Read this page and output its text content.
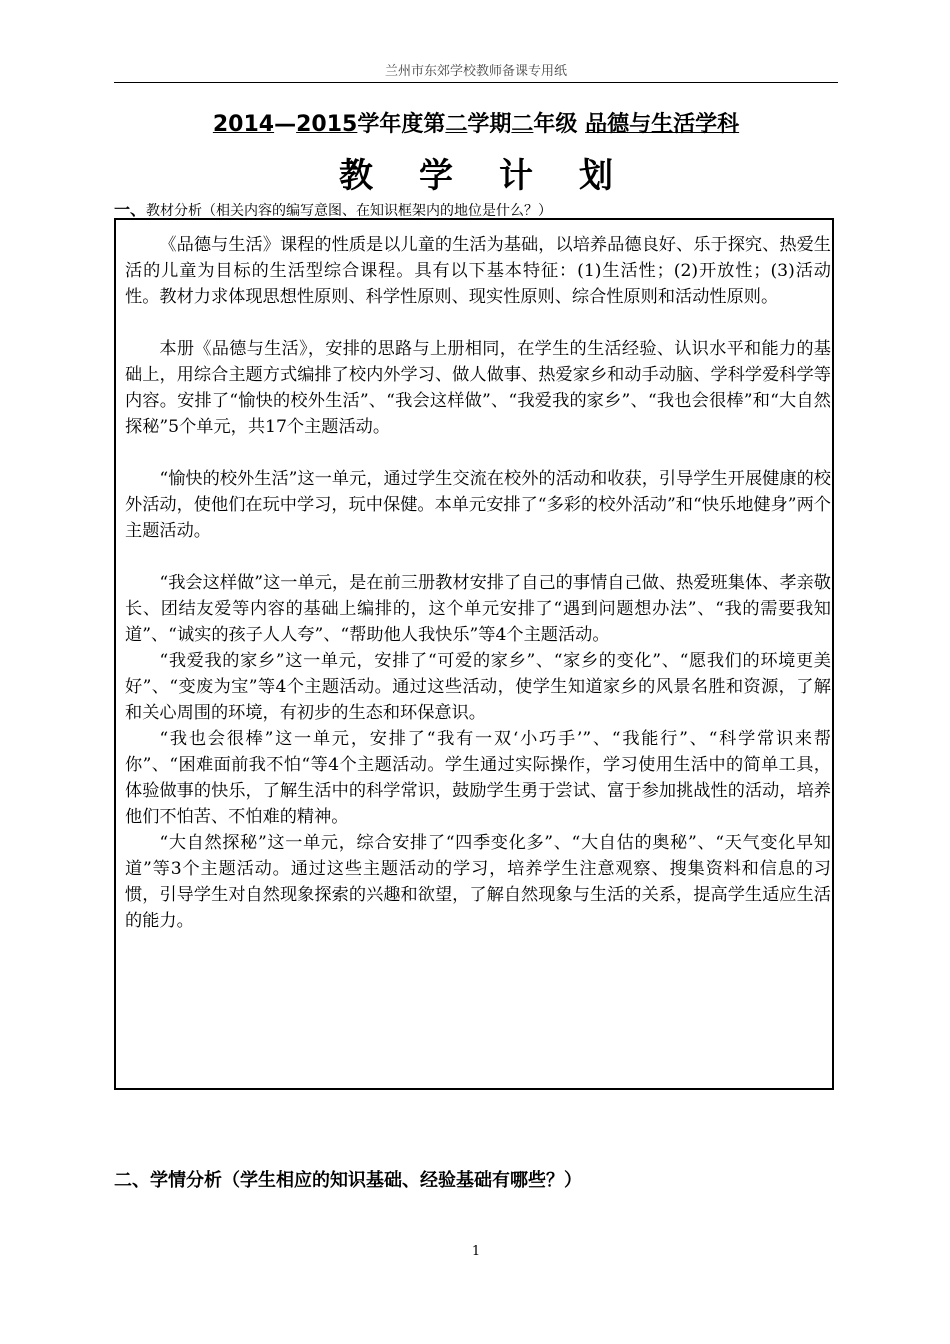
兰州市东郊学校教师备课专用纸
2014—2015学年度第二学期二年级 品德与生活学科
教学计划
一、教材分析（相关内容的编写意图、在知识框架内的地位是什么？）

《品德与生活》课程的性质是以儿童的生活为基础，以培养品德良好、乐于探究、热爱生活的儿童为目标的生活型综合课程。具有以下基本特征：(1)生活性；(2)开放性；(3)活动性。教材力求体现思想性原则、科学性原则、现实性原则、综合性原则和活动性原则。

本册《品德与生活》，安排的思路与上册相同，在学生的生活经验、认识水平和能力的基础上，用综合主题方式编排了校内外学习、做人做事、热爱家乡和动手动脑、学科学爱科学等内容。安排了“愉快的校外生活”、“我会这样做”、“我爱我的家乡”、“我也会很棒”和“大自然探秘”5个单元，共17个主题活动。

“愉快的校外生活”这一单元，通过学生交流在校外的活动和收获，引导学生开展健康的校外活动，使他们在玩中学习，玩中保健。本单元安排了“多彩的校外活动”和“快乐地健身”两个主题活动。

“我会这样做”这一单元，是在前三册教材安排了自己的事情自己做、热爱班集体、孝亲敬长、团结友爱等内容的基础上编排的，这个单元安排了“遇到问题想办法”、“我的需要我知道”、“诚实的孩子人人夸”、“帮助他人我快乐”等4个主题活动。

“我爱我的家乡”这一单元，安排了“可爱的家乡”、“家乡的变化”、“愿我们的环境更美好”、“变废为宝”等4个主题活动。通过这些活动，使学生知道家乡的风景名胜和资源，了解和关心周围的环境，有初步的生态和环保意识。

“我也会很棒”这一单元，安排了“我有一双‘小巧手’”、“我能行”、“科学常识来帮你”、“困难面前我不怕“等4个主题活动。学生通过实际操作，学习使用生活中的简单工具，体验做事的快乐，了解生活中的科学常识，鼓励学生勇于尝试、富于参加挑战性的活动，培养他们不怕苦、不怕难的精神。

“大自然探秘”这一单元，综合安排了“四季变化多”、“大自估的奥秘”、“天气变化早知道”等3个主题活动。通过这些主题活动的学习，培养学生注意观察、搜集资料和信息的习惯，引导学生对自然现象探索的兴趣和欲望，了解自然现象与生活的关系，提高学生适应生活的能力。

二、学情分析（学生相应的知识基础、经验基础有哪些？）
1
